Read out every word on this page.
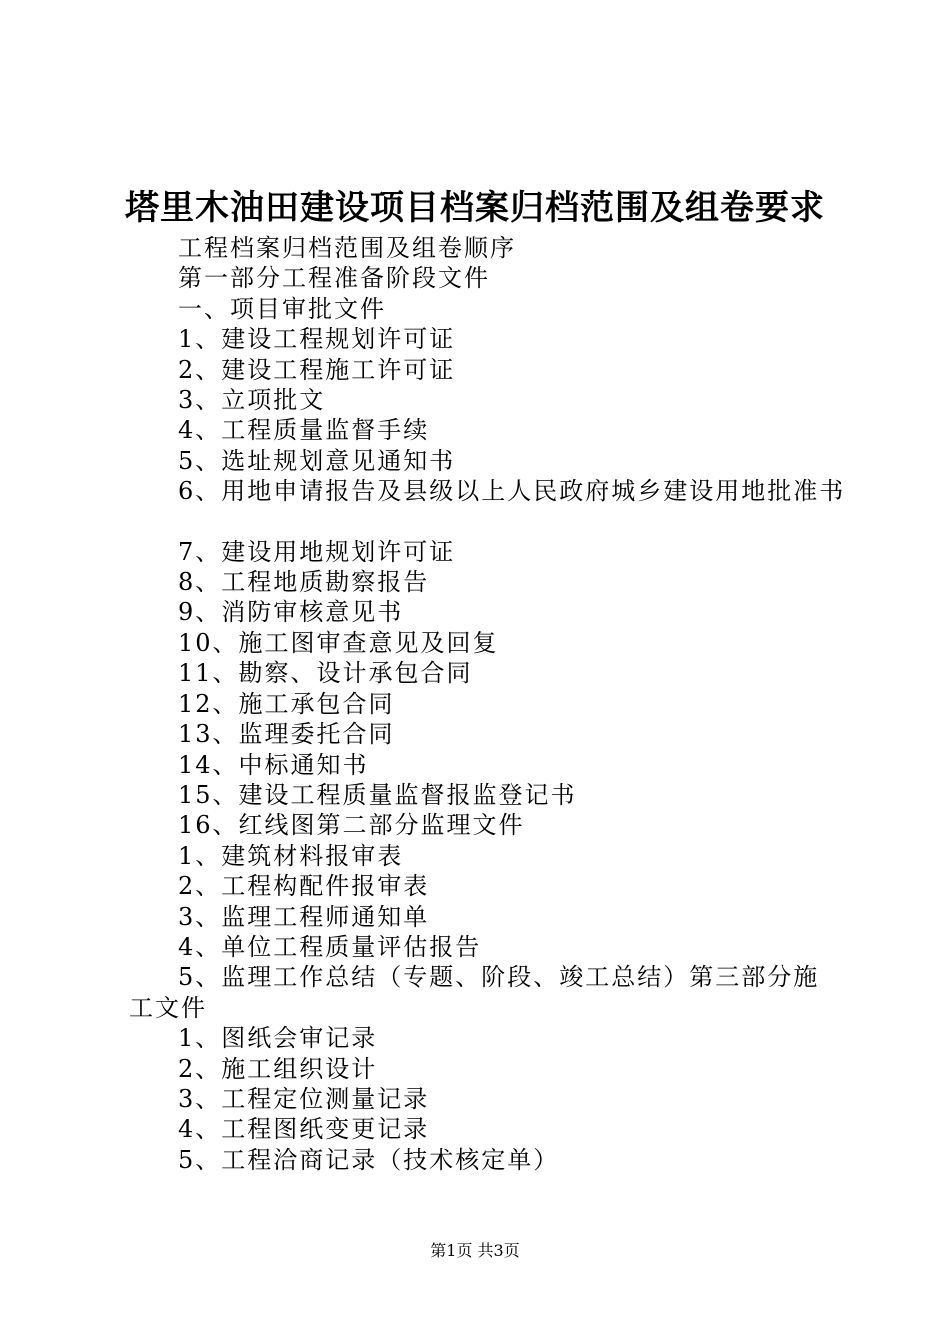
塔里木油田建设项目档案归档范围及组卷要求

工程档案归档范围及组卷顺序

第一部分工程准备阶段文件

一、项目审批文件

1、建设工程规划许可证

2、建设工程施工许可证

3、立项批文

4、工程质量监督手续

5、选址规划意见通知书

6、用地申请报告及县级以上人民政府城乡建设用地批准书

7、建设用地规划许可证

8、工程地质勘察报告

9、消防审核意见书

10、施工图审查意见及回复

11、勘察、设计承包合同

12、施工承包合同

13、监理委托合同

14、中标通知书

15、建设工程质量监督报监登记书

16、红线图第二部分监理文件

1、建筑材料报审表

2、工程构配件报审表

3、监理工程师通知单

4、单位工程质量评估报告

5、监理工作总结（专题、阶段、竣工总结）第三部分施工文件

1、图纸会审记录

2、施工组织设计

3、工程定位测量记录

4、工程图纸变更记录

5、工程洽商记录（技术核定单）

第1页 共3页
